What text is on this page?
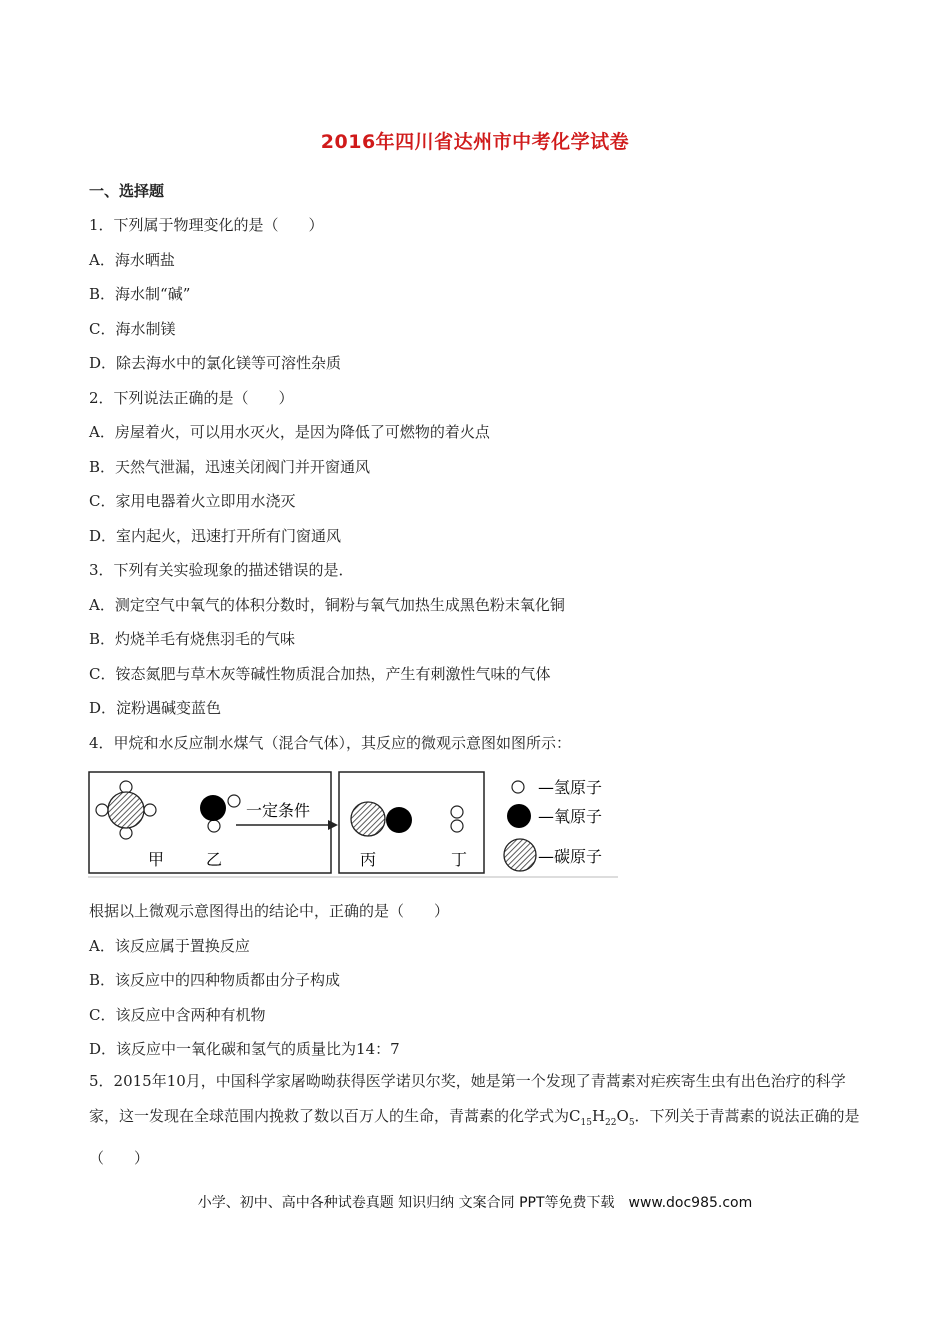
2016年四川省达州市中考化学试卷
一、选择题
1．下列属于物理变化的是（　　）
A．海水晒盐
B．海水制“碱”
C．海水制镁
D．除去海水中的氯化镁等可溶性杂质
2．下列说法正确的是（　　）
A．房屋着火，可以用水灭火，是因为降低了可燃物的着火点
B．天然气泄漏，迅速关闭阀门并开窗通风
C．家用电器着火立即用水浇灭
D．室内起火，迅速打开所有门窗通风
3．下列有关实验现象的描述错误的是．
A．测定空气中氧气的体积分数时，铜粉与氧气加热生成黑色粉末氧化铜
B．灼烧羊毛有烧焦羽毛的气味
C．铵态氮肥与草木灰等碱性物质混合加热，产生有刺激性气味的气体
D．淀粉遇碱变蓝色
4．甲烷和水反应制水煤气（混合气体），其反应的微观示意图如图所示：
甲	乙
一定条件
丙	丁
—氢原子
—氧原子
—碳原子
根据以上微观示意图得出的结论中，正确的是（　　）
A．该反应属于置换反应
B．该反应中的四种物质都由分子构成
C．该反应中含两种有机物
D．该反应中一氧化碳和氢气的质量比为14：7
5．2015年10月，中国科学家屠呦呦获得医学诺贝尔奖，她是第一个发现了青蒿素对疟疾寄生虫有出色治疗的科学家，这一发现在全球范围内挽救了数以百万人的生命，青蒿素的化学式为$C_{15}H_{22}O_5$．下列关于青蒿素的说法正确的是（　　）
小学、初中、高中各种试卷真题 知识归纳 文案合同 PPT等免费下载　www.doc985.com
